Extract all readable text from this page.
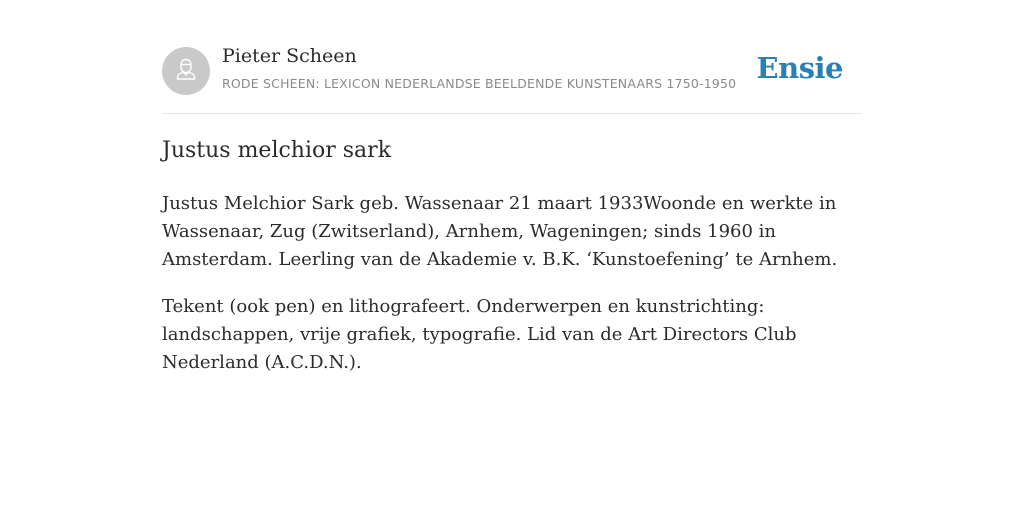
Pieter Scheen
RODE SCHEEN: LEXICON NEDERLANDSE BEELDENDE KUNSTENAARS 1750-1950 Ensie
Justus melchior sark

Justus Melchior Sark geb. Wassenaar 21 maart 1933Woonde en werkte in Wassenaar, Zug (Zwitserland), Arnhem, Wageningen; sinds 1960 in Amsterdam. Leerling van de Akademie v. B.K. ‘Kunstoefening’ te Arnhem.

Tekent (ook pen) en lithografeert. Onderwerpen en kunstrichting: landschappen, vrije grafiek, typografie. Lid van de Art Directors Club Nederland (A.C.D.N.).
